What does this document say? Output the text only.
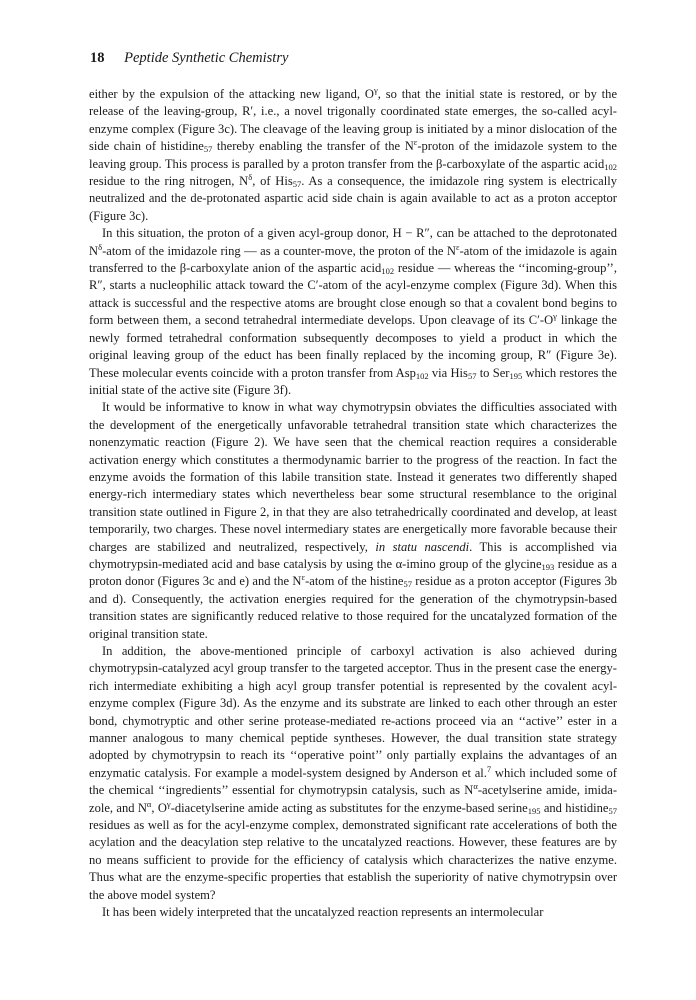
18 Peptide Synthetic Chemistry

either by the expulsion of the attacking new ligand, $O^\gamma$, so that the initial state is restored, or by the release of the leaving-group, R′, i.e., a novel trigonally coordinated state emerges, the so-called acyl-enzyme complex (Figure 3c). The cleavage of the leaving group is initiated by a minor dislocation of the side chain of histidine$_{57}$ thereby enabling the transfer of the $N^\varepsilon$-proton of the imidazole system to the leaving group. This process is paralled by a proton transfer from the β-carboxylate of the aspartic acid$_{102}$ residue to the ring nitrogen, $N^\delta$, of His$_{57}$. As a consequence, the imidazole ring system is electrically neutralized and the de-protonated aspartic acid side chain is again available to act as a proton acceptor (Figure 3c).

In this situation, the proton of a given acyl-group donor, H − R″, can be attached to the deprotonated $N^\delta$-atom of the imidazole ring — as a counter-move, the proton of the $N^\varepsilon$-atom of the imidazole is again transferred to the β-carboxylate anion of the aspartic acid$_{102}$ residue — whereas the ‘‘incoming-group’’, R″, starts a nucleophilic attack toward the C′-atom of the acyl-enzyme complex (Figure 3d). When this attack is successful and the respective atoms are brought close enough so that a covalent bond begins to form between them, a second tetrahedral intermediate develops. Upon cleavage of its $C'-O^\gamma$ linkage the newly formed tetrahedral conformation subsequently decomposes to yield a product in which the original leaving group of the educt has been finally replaced by the incoming group, R″ (Figure 3e). These molecular events coincide with a proton transfer from Asp$_{102}$ via His$_{57}$ to Ser$_{195}$ which restores the initial state of the active site (Figure 3f).

It would be informative to know in what way chymotrypsin obviates the difficulties associated with the development of the energetically unfavorable tetrahedral transition state which characterizes the nonenzymatic reaction (Figure 2). We have seen that the chemical reaction requires a considerable activation energy which constitutes a thermodynamic barrier to the progress of the reaction. In fact the enzyme avoids the formation of this labile transition state. Instead it generates two differently shaped energy-rich intermediary states which nevertheless bear some structural resemblance to the original transition state outlined in Figure 2, in that they are also tetrahedrically coordinated and develop, at least temporarily, two charges. These novel intermediary states are energetically more favorable because their charges are stabilized and neutralized, respectively, in statu nascendi. This is accomplished via chymotrypsin-mediated acid and base catalysis by using the α-imino group of the glycine$_{193}$ residue as a proton donor (Figures 3c and e) and the $N^\varepsilon$-atom of the histine$_{57}$ residue as a proton acceptor (Figures 3b and d). Consequently, the activation energies required for the generation of the chymotrypsin-based transition states are significantly reduced relative to those required for the uncatalyzed formation of the original transition state.

In addition, the above-mentioned principle of carboxyl activation is also achieved during chymotrypsin-catalyzed acyl group transfer to the targeted acceptor. Thus in the present case the energy-rich intermediate exhibiting a high acyl group transfer potential is represented by the covalent acyl-enzyme complex (Figure 3d). As the enzyme and its substrate are linked to each other through an ester bond, chymotryptic and other serine protease-mediated re-actions proceed via an ‘‘active’’ ester in a manner analogous to many chemical peptide syntheses. However, the dual transition state strategy adopted by chymotrypsin to reach its ‘‘operative point’’ only partially explains the advantages of an enzymatic catalysis. For example a model-system designed by Anderson et al.$^7$ which included some of the chemical ‘‘ingredients’’ essential for chymotrypsin catalysis, such as $N^\alpha$-acetylserine amide, imida-zole, and $N^\alpha$, $O^\gamma$-diacetylserine amide acting as substitutes for the enzyme-based serine$_{195}$ and histidine$_{57}$ residues as well as for the acyl-enzyme complex, demonstrated significant rate accelerations of both the acylation and the deacylation step relative to the uncatalyzed reactions. However, these features are by no means sufficient to provide for the efficiency of catalysis which characterizes the native enzyme. Thus what are the enzyme-specific properties that establish the superiority of native chymotrypsin over the above model system?

It has been widely interpreted that the uncatalyzed reaction represents an intermolecular
